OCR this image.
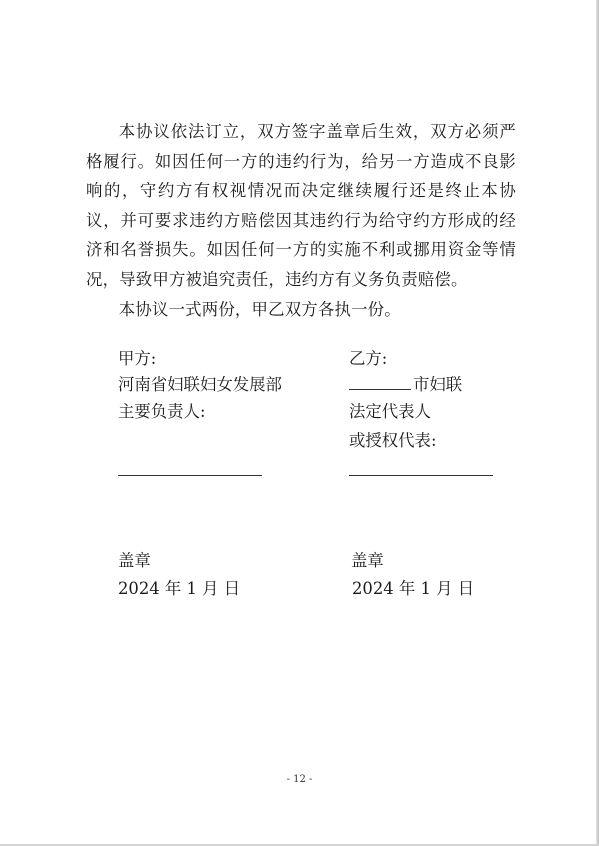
本协议依法订立，双方签字盖章后生效，双方必须严格履行。如因任何一方的违约行为，给另一方造成不良影响的，守约方有权视情况而决定继续履行还是终止本协议，并可要求违约方赔偿因其违约行为给守约方形成的经济和名誉损失。如因任何一方的实施不利或挪用资金等情况，导致甲方被追究责任，违约方有义务负责赔偿。

本协议一式两份，甲乙双方各执一份。

甲方:
河南省妇联妇女发展部
主要负责人:
盖章
2024 年 1 月 日
乙方:
市妇联
法定代表人
或授权代表:
盖章
2024 年 1 月 日
- 12 -
